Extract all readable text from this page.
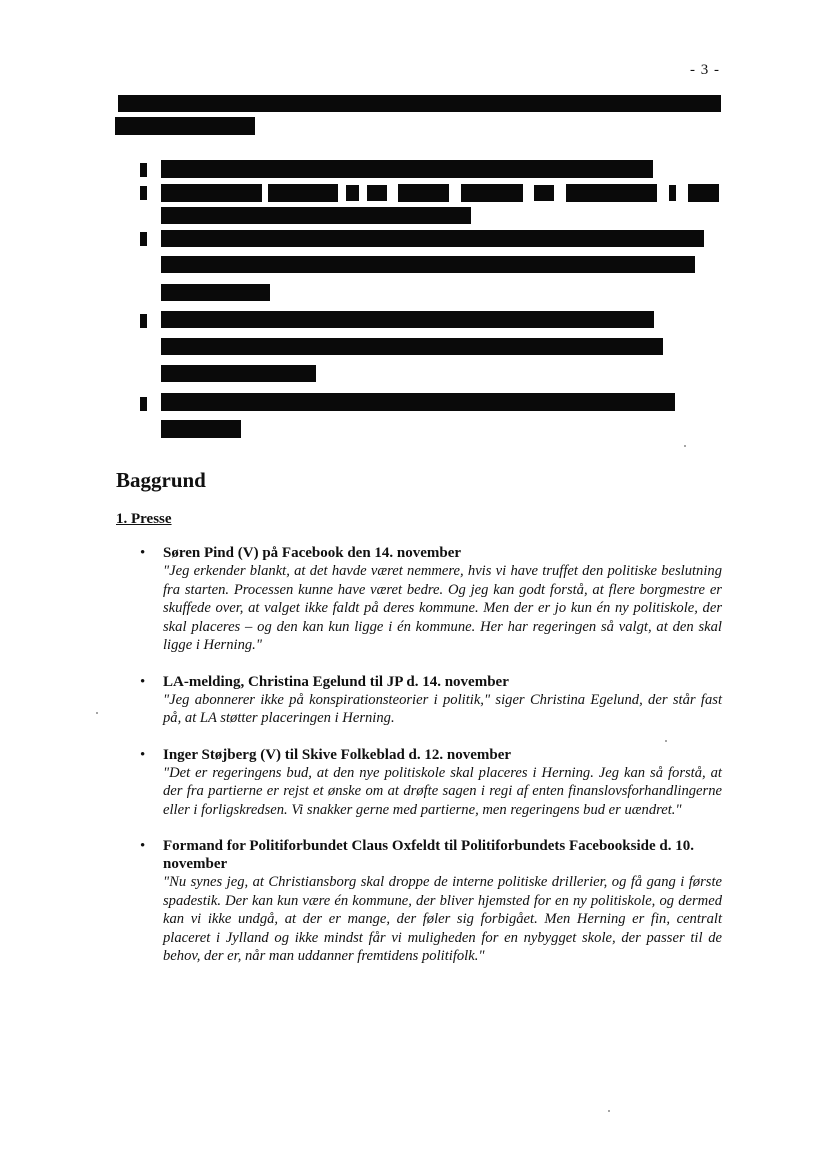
- 3 -
Baggrund
1. Presse
• Søren Pind (V) på Facebook den 14. november
"Jeg erkender blankt, at det havde været nemmere, hvis vi have truffet den politiske beslutning fra starten. Processen kunne have været bedre. Og jeg kan godt forstå, at flere borgmestre er skuffede over, at valget ikke faldt på deres kommune. Men der er jo kun én ny politiskole, der skal placeres – og den kan kun ligge i én kommune. Her har regeringen så valgt, at den skal ligge i Herning."
• LA-melding, Christina Egelund til JP d. 14. november
"Jeg abonnerer ikke på konspirationsteorier i politik," siger Christina Egelund, der står fast på, at LA støtter placeringen i Herning.
• Inger Støjberg (V) til Skive Folkeblad d. 12. november
"Det er regeringens bud, at den nye politiskole skal placeres i Herning. Jeg kan så forstå, at der fra partierne er rejst et ønske om at drøfte sagen i regi af enten finanslovsforhandlingerne eller i forligskredsen. Vi snakker gerne med partierne, men regeringens bud er uændret."
• Formand for Politiforbundet Claus Oxfeldt til Politiforbundets Facebookside d. 10. november
"Nu synes jeg, at Christiansborg skal droppe de interne politiske drillerier, og få gang i første spadestik. Der kan kun være én kommune, der bliver hjemsted for en ny politiskole, og dermed kan vi ikke undgå, at der er mange, der føler sig forbigået. Men Herning er fin, centralt placeret i Jylland og ikke mindst får vi muligheden for en nybygget skole, der passer til de behov, der er, når man uddanner fremtidens politifolk."
